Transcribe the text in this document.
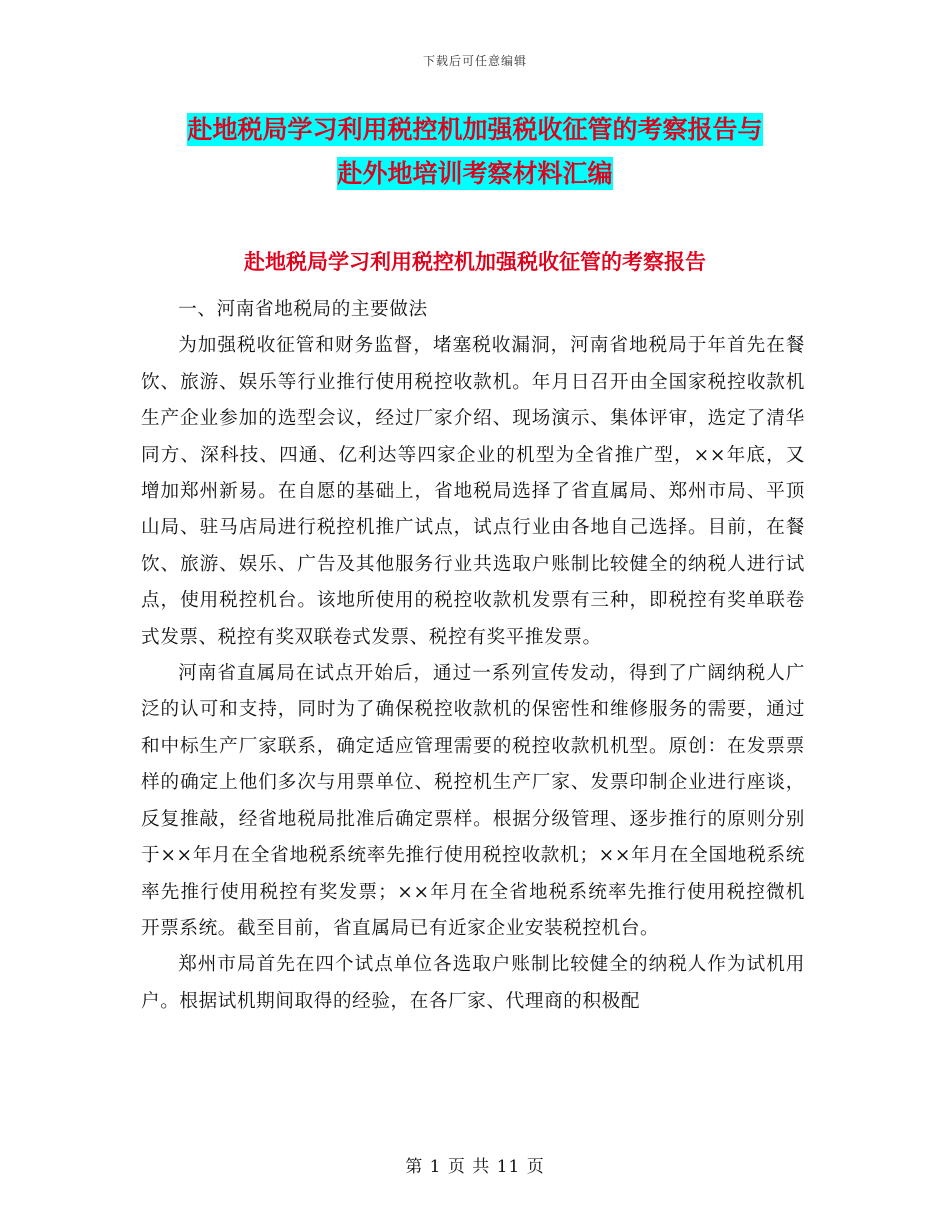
下载后可任意编辑
赴地税局学习利用税控机加强税收征管的考察报告与
赴外地培训考察材料汇编
赴地税局学习利用税控机加强税收征管的考察报告

一、河南省地税局的主要做法

为加强税收征管和财务监督，堵塞税收漏洞，河南省地税局于年首先在餐饮、旅游、娱乐等行业推行使用税控收款机。年月日召开由全国家税控收款机生产企业参加的选型会议，经过厂家介绍、现场演示、集体评审，选定了清华同方、深科技、四通、亿利达等四家企业的机型为全省推广型，××年底，又增加郑州新易。在自愿的基础上，省地税局选择了省直属局、郑州市局、平顶山局、驻马店局进行税控机推广试点，试点行业由各地自己选择。目前，在餐饮、旅游、娱乐、广告及其他服务行业共选取户账制比较健全的纳税人进行试点，使用税控机台。该地所使用的税控收款机发票有三种，即税控有奖单联卷式发票、税控有奖双联卷式发票、税控有奖平推发票。

河南省直属局在试点开始后，通过一系列宣传发动，得到了广阔纳税人广泛的认可和支持，同时为了确保税控收款机的保密性和维修服务的需要，通过和中标生产厂家联系，确定适应管理需要的税控收款机机型。原创：在发票票样的确定上他们多次与用票单位、税控机生产厂家、发票印制企业进行座谈，反复推敲，经省地税局批准后确定票样。根据分级管理、逐步推行的原则分别于××年月在全省地税系统率先推行使用税控收款机；××年月在全国地税系统率先推行使用税控有奖发票；××年月在全省地税系统率先推行使用税控微机开票系统。截至目前，省直属局已有近家企业安装税控机台。

郑州市局首先在四个试点单位各选取户账制比较健全的纳税人作为试机用户。根据试机期间取得的经验，在各厂家、代理商的积极配

第 1 页 共 11 页
